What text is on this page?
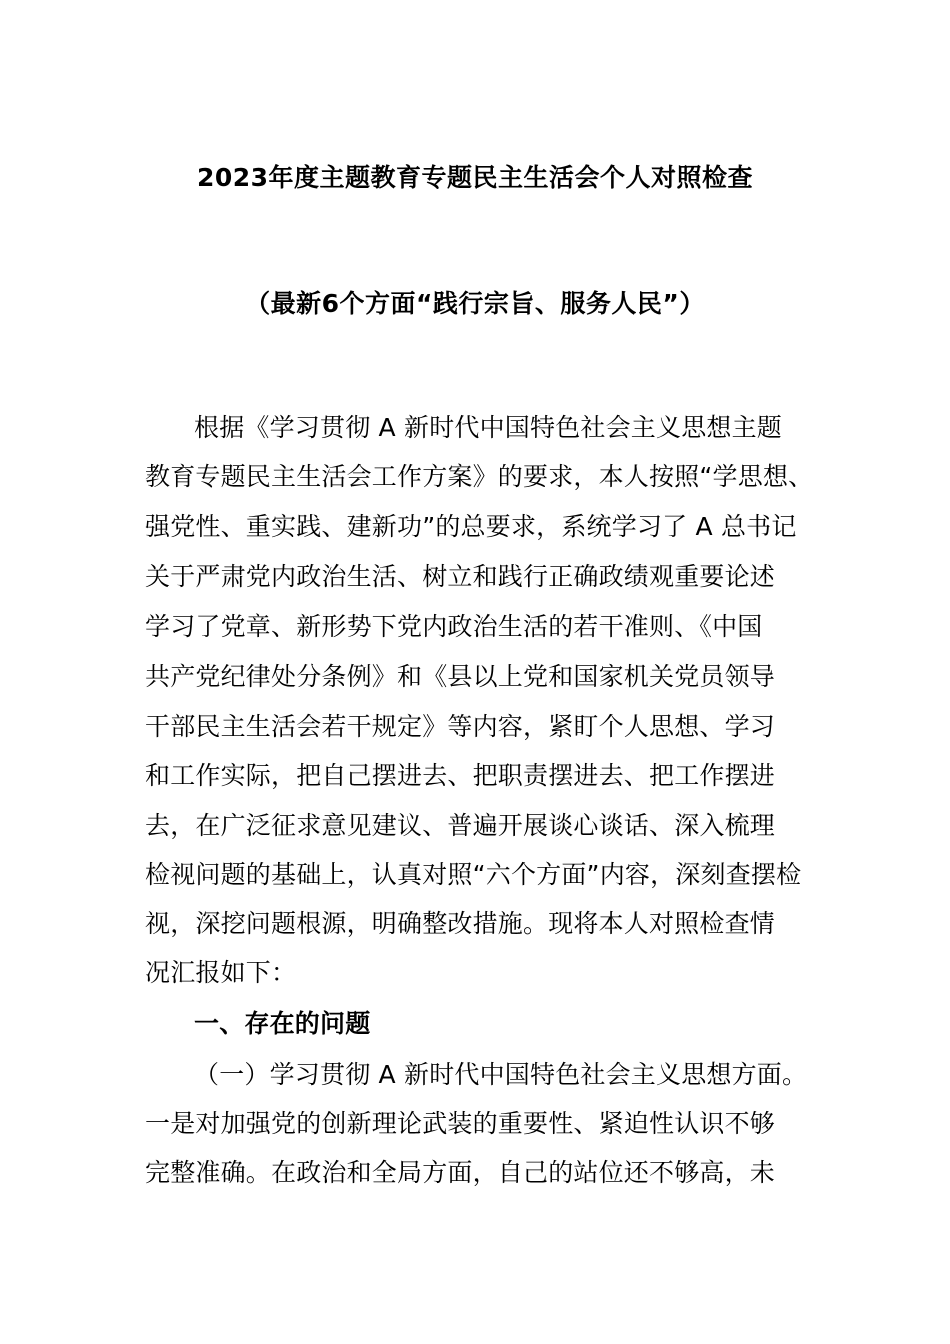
2023年度主题教育专题民主生活会个人对照检查
（最新6个方面“践行宗旨、服务人民”）
根据《学习贯彻 A 新时代中国特色社会主义思想主题
教育专题民主生活会工作方案》的要求，本人按照“学思想、
强党性、重实践、建新功”的总要求，系统学习了 A 总书记
关于严肃党内政治生活、树立和践行正确政绩观重要论述
学习了党章、新形势下党内政治生活的若干准则、《中国
共产党纪律处分条例》和《县以上党和国家机关党员领导
干部民主生活会若干规定》等内容，紧盯个人思想、学习
和工作实际，把自己摆进去、把职责摆进去、把工作摆进
去，在广泛征求意见建议、普遍开展谈心谈话、深入梳理
检视问题的基础上，认真对照“六个方面”内容，深刻查摆检
视，深挖问题根源，明确整改措施。现将本人对照检查情
况汇报如下：
一、存在的问题
（一）学习贯彻 A 新时代中国特色社会主义思想方面。
一是对加强党的创新理论武装的重要性、紧迫性认识不够
完整准确。在政治和全局方面，自己的站位还不够高，未
